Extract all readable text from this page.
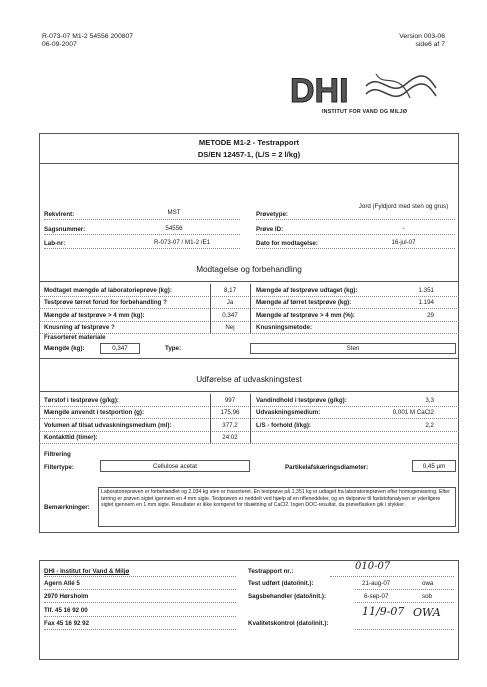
R-073-07 M1-2 54556 200807
06-09-2007
Version 003-06
side6 af 7
DHI
INSTITUT FOR VAND OG MILJØ
METODE M1-2 - Testrapport
DS/EN 12457-1, (L/S = 2 l/kg)
Rekvirent:	MST	Prøvetype:
Jord (Fyldjord med sten og grus)
Sagsnummer:	54556	Prøve ID:	-
Lab-nr:	R-073-07 / M1-2 /E1	Dato for modtagelse:	16-jul-07
Modtagelse og forbehandling
Modtaget mængde af laboratorieprøve (kg):	8,17	Mængde af testprøve udtaget (kg):	1.351
Testprøve tørret forud for forbehandling ?	Ja	Mængde af tørret testprøve (kg):	1.194
Mængde af testprøve > 4 mm (kg):	0,347	Mængde af testprøve > 4 mm (%):	29
Knusning af testprøve ?	Nej	Knusningsmetode:
Frasorteret materiale
Mængde (kg):	0,347	Type:	Sten
Udførelse af udvaskningstest
Tørstof i testprøve (g/kg):	997	Vandindhold i testprøve (g/kg):	3,3
Mængde anvendt i testportion (g):	175,96	Udvaskningsmedium:	0,001 M CaCl2
Volumen af tilsat udvaskningsmedium (ml):	377,2	L/S - forhold (l/kg):	2,2
Kontakttid (timer):	24:02
Filtrering
Filtertype:	Cellulose acetat	Partikelafskæringsdiameter:	0,45 µm
Bemærkninger:
Laboratorieprøven er forbehandlet og 2,034 kg sten er frasorteret. En testprøve på 1,351 kg er udtaget fra laboratorieprøven efter homogenisering. Efter tørring er prøven sigtet igennem en 4 mm sigte. Testprøven er neddelt ved hjælp af en rifleneddeler, og en delprøve til faststofanalysen er yderligere sigtet igennem en 1 mm sigte. Resultater er ikke korrigeret for tilsætning af CaCl2. Ingen DOC-resultat, da prøveflasken gik i stykker.
DHI - Institut for Vand & Miljø
Agern Allé 5
2970 Hørsholm
Tlf. 45 16 92 00
Fax 45 16 92 92
Testrapport nr.:	010-07
Test udført (dato/init.):	21-aug-07	owa
Sagsbehandler (dato/init.):	6-sep-07	sob
Kvalitetskontrol (dato/init.):
11/9-07 OWA
